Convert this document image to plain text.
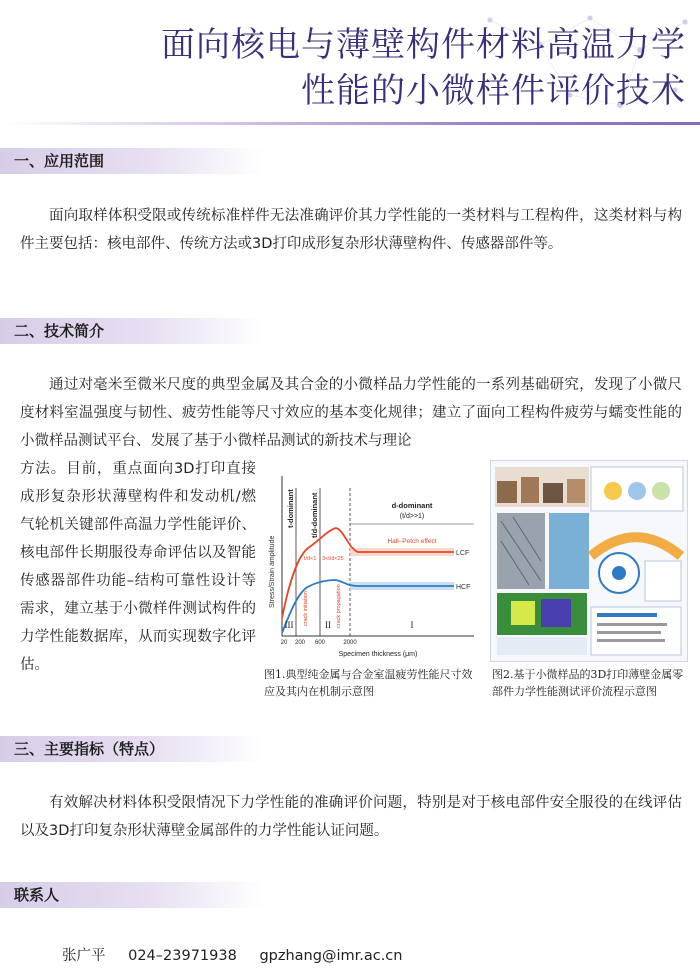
面向核电与薄壁构件材料高温力学
性能的小微样件评价技术
一、应用范围
面向取样体积受限或传统标准样件无法准确评价其力学性能的一类材料与工程构件，这类材料与构件主要包括：核电部件、传统方法或3D打印成形复杂形状薄壁构件、传感器部件等。
二、技术简介
通过对毫米至微米尺度的典型金属及其合金的小微样品力学性能的一系列基础研究，发现了小微尺度材料室温强度与韧性、疲劳性能等尺寸效应的基本变化规律；建立了面向工程构件疲劳与蠕变性能的小微样品测试平台、发展了基于小微样品测试的新技术与理论
方法。目前，重点面向3D打印直接成形复杂形状薄壁构件和发动机/燃气轮机关键部件高温力学性能评价、核电部件长期服役寿命评估以及智能传感器部件功能–结构可靠性设计等需求，建立基于小微样件测试构件的力学性能数据库，从而实现数字化评估。
Stress/Strain amplitude
t-dominant t/d-dominant	d-dominant
(t/d>>1)
Hall–Petch effect
LCF
HCF
t/d<1 3<t/d<25
crack initiation	crack propagation
III	II	I
20 200 600	2000
Specimen thickness (μm)
图1.典型纯金属与合金室温疲劳性能尺寸效应及其内在机制示意图
图2.基于小微样品的3D打印薄壁金属零部件力学性能测试评价流程示意图
三、主要指标（特点）
有效解决材料体积受限情况下力学性能的准确评价问题，特别是对于核电部件安全服役的在线评估以及3D打印复杂形状薄壁金属部件的力学性能认证问题。
联系人
张广平 024–23971938 gpzhang@imr.ac.cn
